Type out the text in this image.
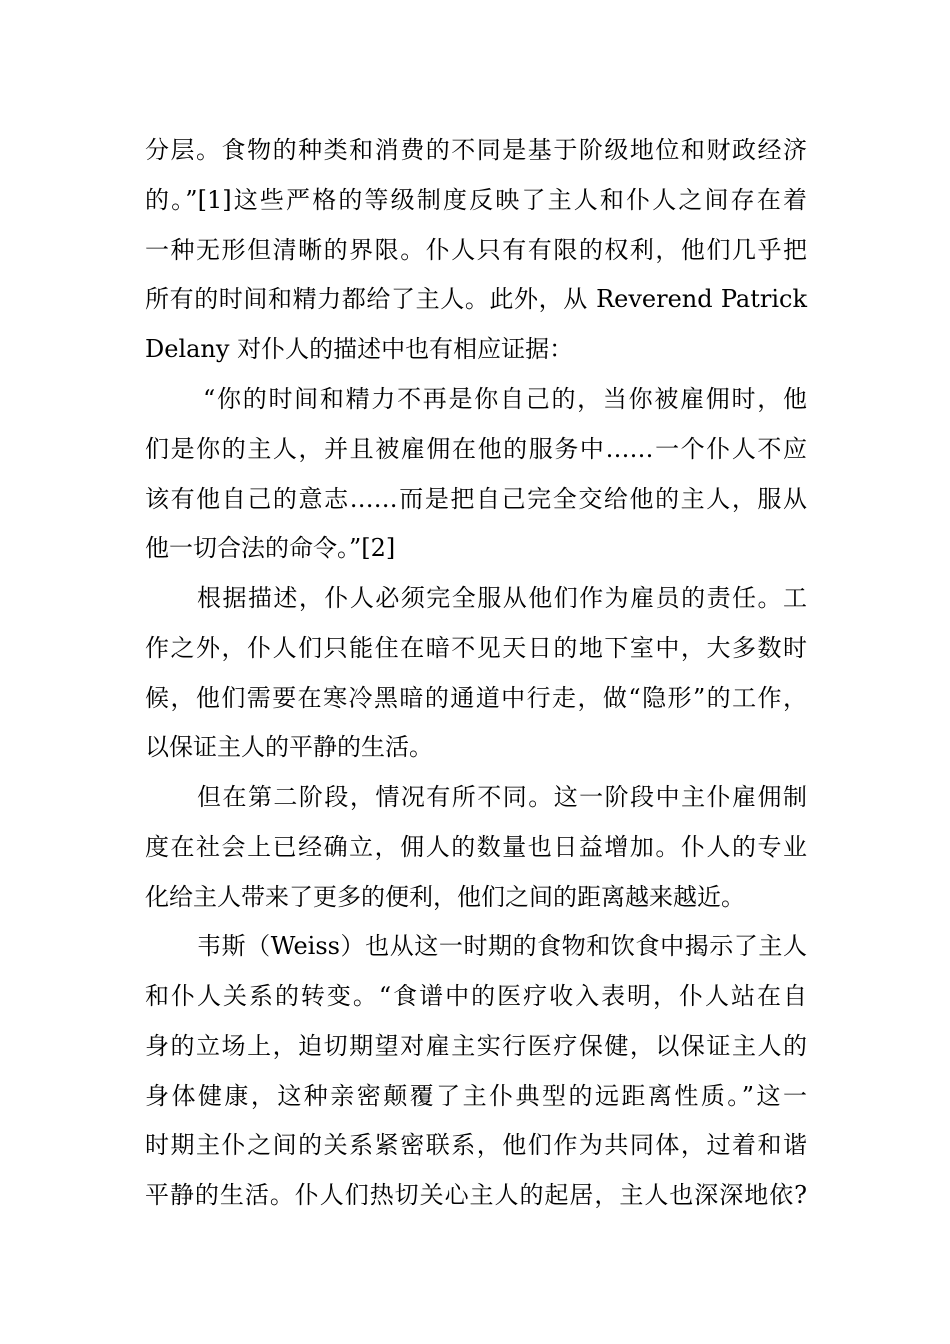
分层。食物的种类和消费的不同是基于阶级地位和财政经济
的。”[1]这些严格的等级制度反映了主人和仆人之间存在着
一种无形但清晰的界限。仆人只有有限的权利，他们几乎把
所有的时间和精力都给了主人。此外，从 Reverend Patrick
Delany 对仆人的描述中也有相应证据：
“你的时间和精力不再是你自己的，当你被雇佣时，他
们是你的主人，并且被雇佣在他的服务中……一个仆人不应
该有他自己的意志……而是把自己完全交给他的主人，服从
他一切合法的命令。”[2]
根据描述，仆人必须完全服从他们作为雇员的责任。工
作之外，仆人们只能住在暗不见天日的地下室中，大多数时
候，他们需要在寒冷黑暗的通道中行走，做“隐形”的工作，
以保证主人的平静的生活。
但在第二阶段，情况有所不同。这一阶段中主仆雇佣制
度在社会上已经确立，佣人的数量也日益增加。仆人的专业
化给主人带来了更多的便利，他们之间的距离越来越近。
韦斯（Weiss）也从这一时期的食物和饮食中揭示了主人
和仆人关系的转变。“食谱中的医疗收入表明，仆人站在自
身的立场上，迫切期望对雇主实行医疗保健，以保证主人的
身体健康，这种亲密颠覆了主仆典型的远距离性质。”这一
时期主仆之间的关系紧密联系，他们作为共同体，过着和谐
平静的生活。仆人们热切关心主人的起居，主人也深深地依?
